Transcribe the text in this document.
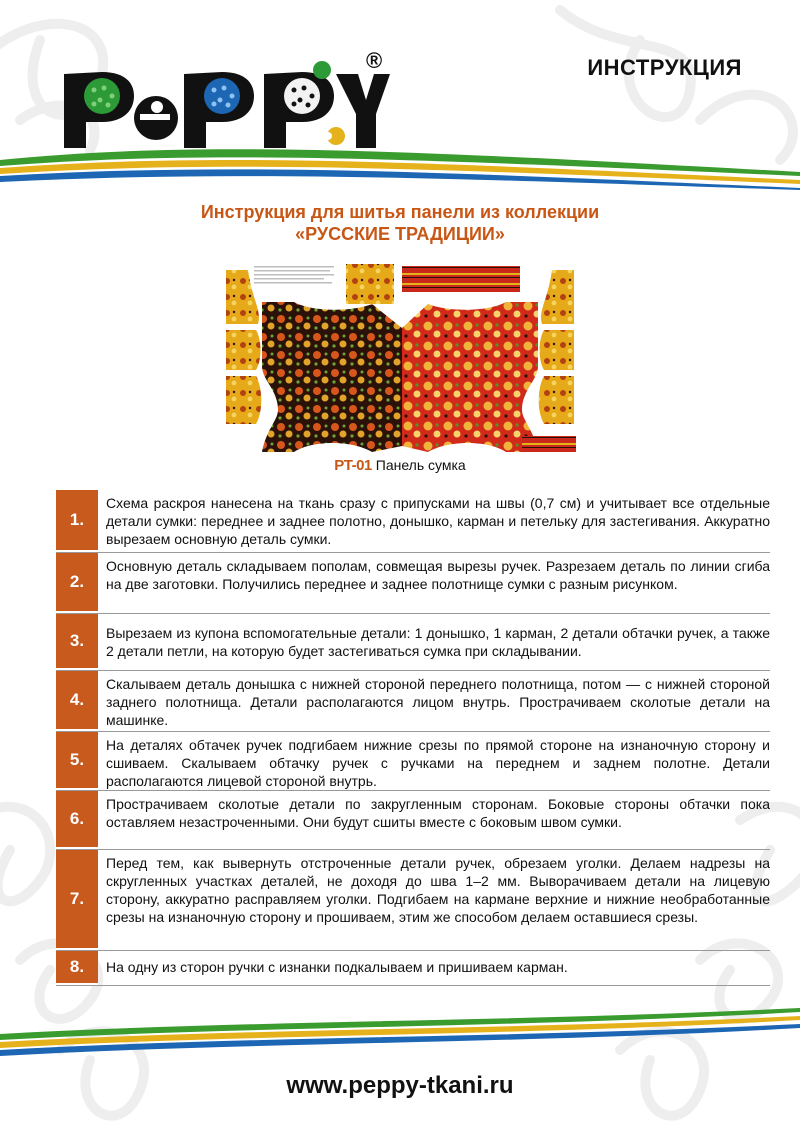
®	ИНСТРУКЦИЯ
Инструкция для шитья панели из коллекции
«РУССКИЕ ТРАДИЦИИ»
PT-01 Панель сумка
1.
Схема раскроя нанесена на ткань сразу с припусками на швы (0,7 см) и учитывает все отдельные детали сумки: переднее и заднее полотно, донышко, карман и петельку для застегивания. Аккуратно вырезаем основную деталь сумки.
2.
Основную деталь складываем пополам, совмещая вырезы ручек. Разрезаем деталь по линии сгиба на две заготовки. Получились переднее и заднее полотнище сумки с разным рисунком.
3.	Вырезаем из купона вспомогательные детали: 1 донышко, 1 карман, 2 детали обтачки ручек, а также 2 детали петли, на которую будет застегиваться сумка при складывании.
4.
Скалываем деталь донышка с нижней стороной переднего полотнища, потом — с нижней стороной заднего полотнища. Детали располагаются лицом внутрь. Прострачиваем сколотые детали на машинке.
5.
На деталях обтачек ручек подгибаем нижние срезы по прямой стороне на изнаночную сторону и сшиваем. Скалываем обтачку ручек с ручками на переднем и заднем полотне. Детали располагаются лицевой стороной внутрь.
6.
Прострачиваем сколотые детали по закругленным сторонам. Боковые стороны обтачки пока оставляем незастроченными. Они будут сшиты вместе с боковым швом сумки.
7.
Перед тем, как вывернуть отстроченные детали ручек, обрезаем уголки. Делаем надрезы на скругленных участках деталей, не доходя до шва 1–2 мм. Выворачиваем детали на лицевую сторону, аккуратно расправляем уголки. Подгибаем на кармане верхние и нижние необработанные срезы на изнаночную сторону и прошиваем, этим же способом делаем оставшиеся срезы.
8.	На одну из сторон ручки с изнанки подкалываем и пришиваем карман.
www.peppy-tkani.ru
